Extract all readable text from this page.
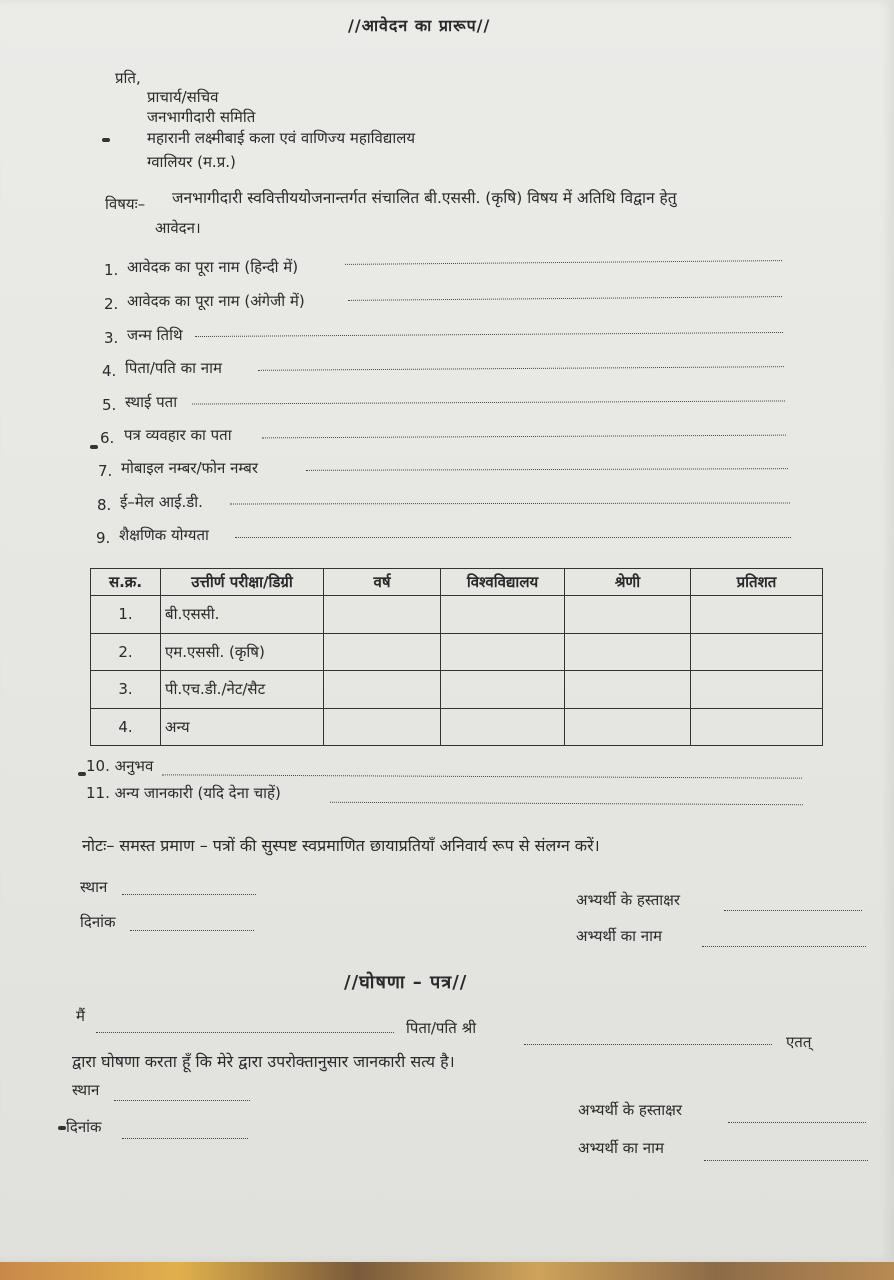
//आवेदन का प्रारूप//
प्रति,
प्राचार्य/सचिव
जनभागीदारी समिति
महारानी लक्ष्मीबाई कला एवं वाणिज्य महाविद्यालय
ग्वालियर (म.प्र.)
विषयः– जनभागीदारी स्ववित्तीययोजनान्तर्गत संचालित बी.एससी. (कृषि) विषय में अतिथि विद्वान हेतु
आवेदन।
1. आवेदक का पूरा नाम (हिन्दी में)
2. आवेदक का पूरा नाम (अंगेजी में)
3. जन्म तिथि
4. पिता/पति का नाम
5. स्थाई पता
6. पत्र व्यवहार का पता
7. मोबाइल नम्बर/फोन नम्बर
8. ई–मेल आई.डी.
9. शैक्षणिक योग्यता
स.क्र.	उत्तीर्ण परीक्षा/डिग्री	वर्ष	विश्वविद्यालय	श्रेणी	प्रतिशत
1.	बी.एससी.				
2.	एम.एससी. (कृषि)				
3.	पी.एच.डी./नेट/सैट				
4.	अन्य				
10. अनुभव
11. अन्य जानकारी (यदि देना चाहें)
नोटः– समस्त प्रमाण – पत्रों की सुस्पष्ट स्वप्रमाणित छायाप्रतियाँ अनिवार्य रूप से संलग्न करें।
स्थान
दिनांक
अभ्यर्थी के हस्ताक्षर
अभ्यर्थी का नाम
//घोषणा – पत्र//
मैं
पिता/पति श्री
एतत्
द्वारा घोषणा करता हूँ कि मेरे द्वारा उपरोक्तानुसार जानकारी सत्य है।
स्थान
दिनांक
अभ्यर्थी के हस्ताक्षर
अभ्यर्थी का नाम
